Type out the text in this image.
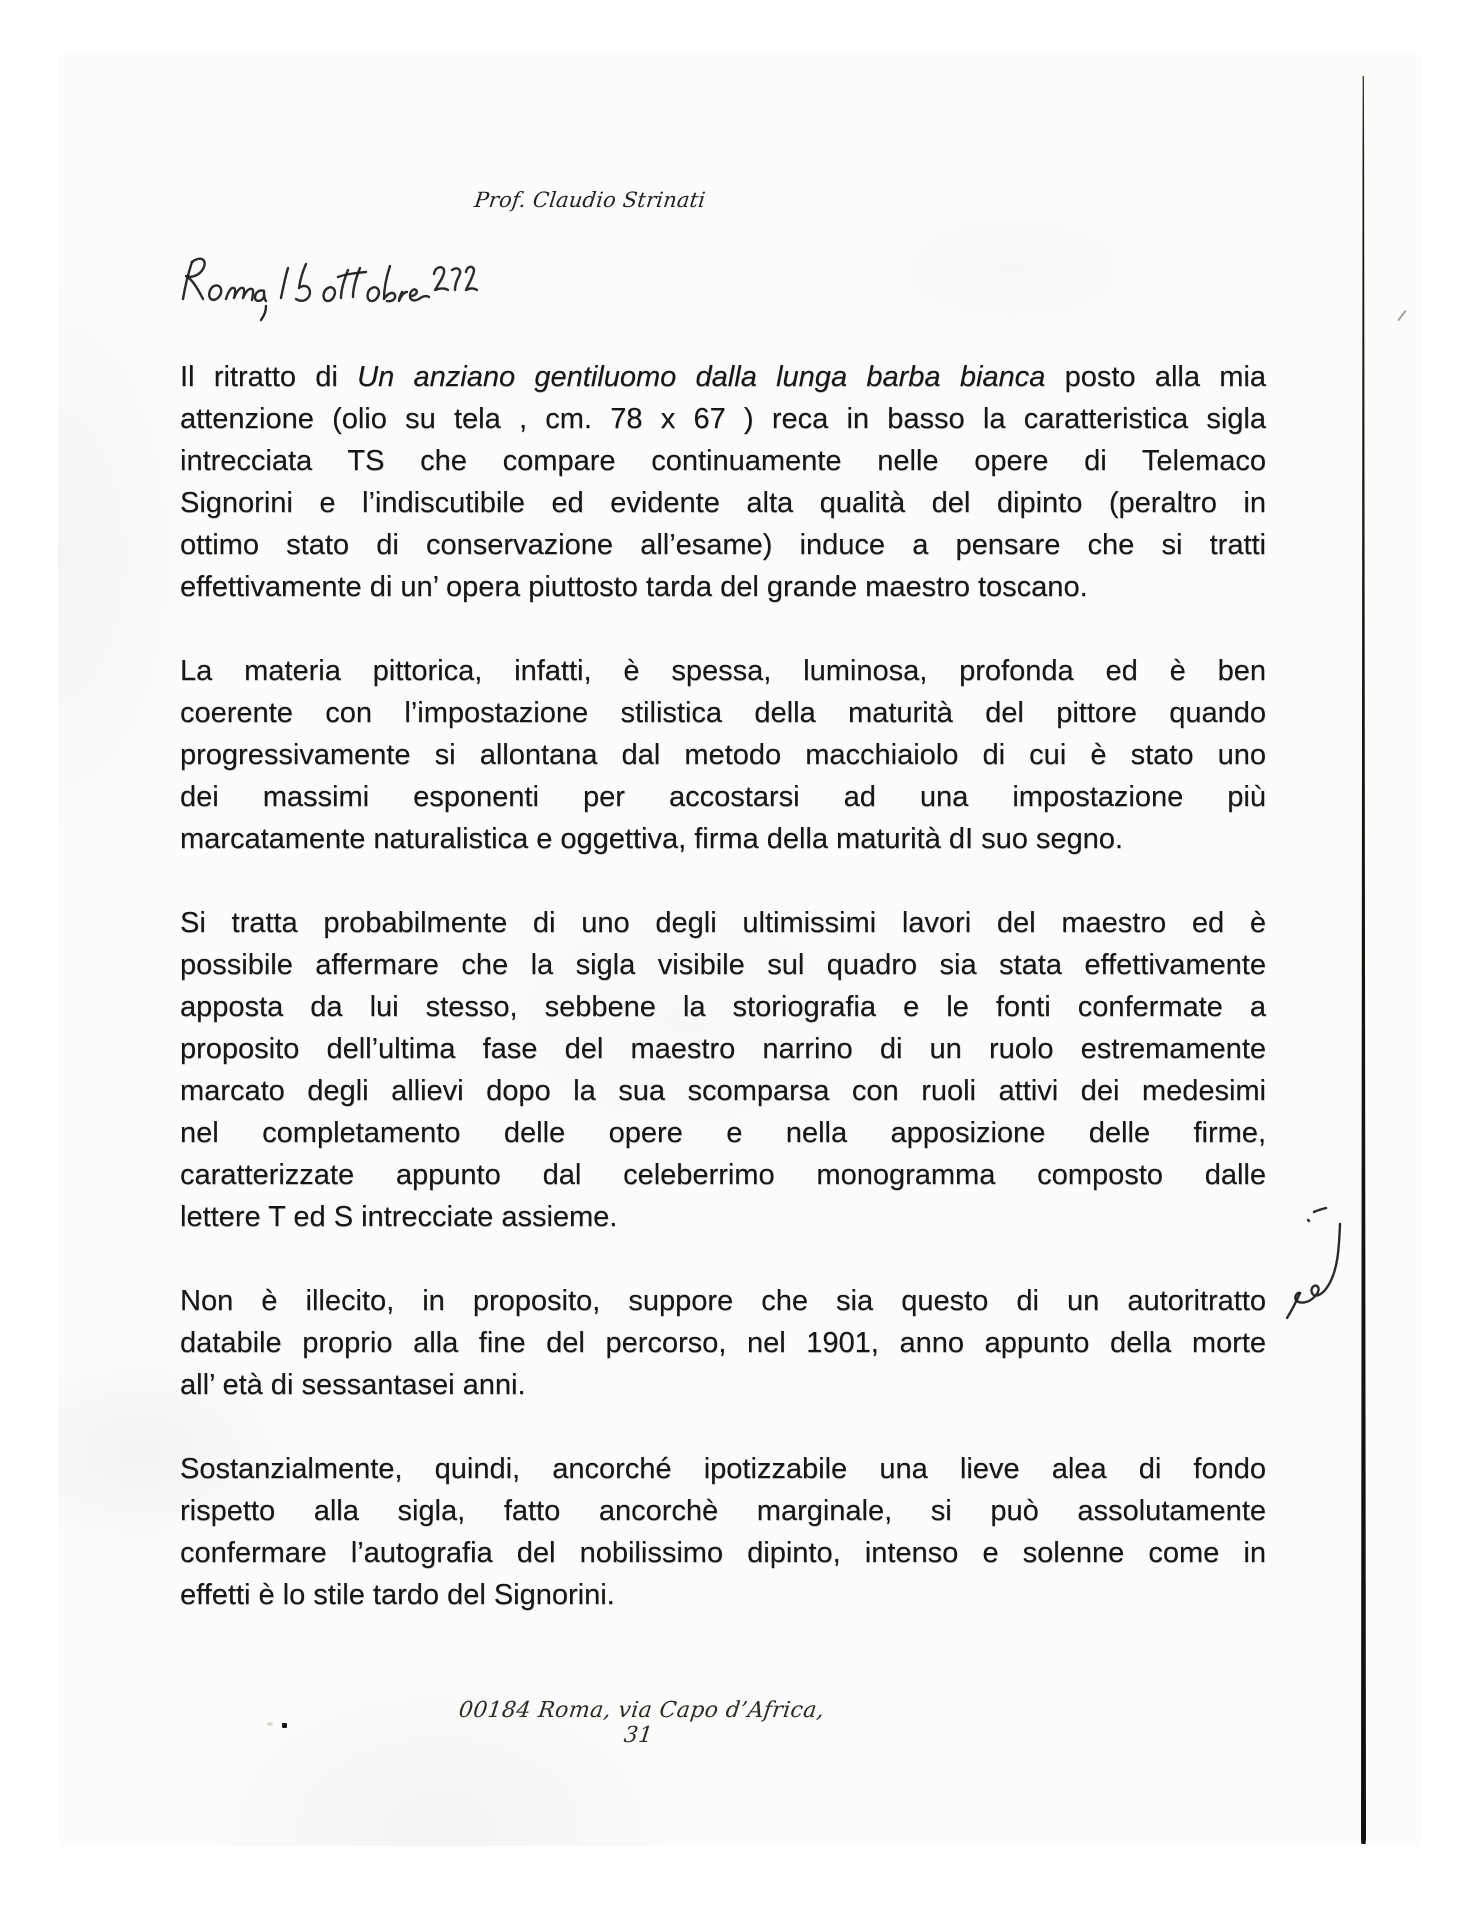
Prof. Claudio Strinati
Il ritratto di Un anziano gentiluomo dalla lunga barba bianca posto alla mia
attenzione (olio su tela , cm. 78 x 67 ) reca in basso la caratteristica sigla
intrecciata TS che compare continuamente nelle opere di Telemaco
Signorini e l’indiscutibile ed evidente alta qualità del dipinto (peraltro in
ottimo stato di conservazione all’esame) induce a pensare che si tratti
effettivamente di un’ opera piuttosto tarda del grande maestro toscano.
La materia pittorica, infatti, è spessa, luminosa, profonda ed è ben
coerente con l’impostazione stilistica della maturità del pittore quando
progressivamente si allontana dal metodo macchiaiolo di cui è stato uno
dei massimi esponenti per accostarsi ad una impostazione più
marcatamente naturalistica e oggettiva, firma della maturità dI suo segno.
Si tratta probabilmente di uno degli ultimissimi lavori del maestro ed è
possibile affermare che la sigla visibile sul quadro sia stata effettivamente
apposta da lui stesso, sebbene la storiografia e le fonti confermate a
proposito dell’ultima fase del maestro narrino di un ruolo estremamente
marcato degli allievi dopo la sua scomparsa con ruoli attivi dei medesimi
nel completamento delle opere e nella apposizione delle firme,
caratterizzate appunto dal celeberrimo monogramma composto dalle
lettere T ed S intrecciate assieme.
Non è illecito, in proposito, suppore che sia questo di un autoritratto
databile proprio alla fine del percorso, nel 1901, anno appunto della morte
all’ età di sessantasei anni.
Sostanzialmente, quindi, ancorché ipotizzabile una lieve alea di fondo
rispetto alla sigla, fatto ancorchè marginale, si può assolutamente
confermare l’autografia del nobilissimo dipinto, intenso e solenne come in
effetti è lo stile tardo del Signorini.
00184 Roma, via Capo d’Africa, 31
